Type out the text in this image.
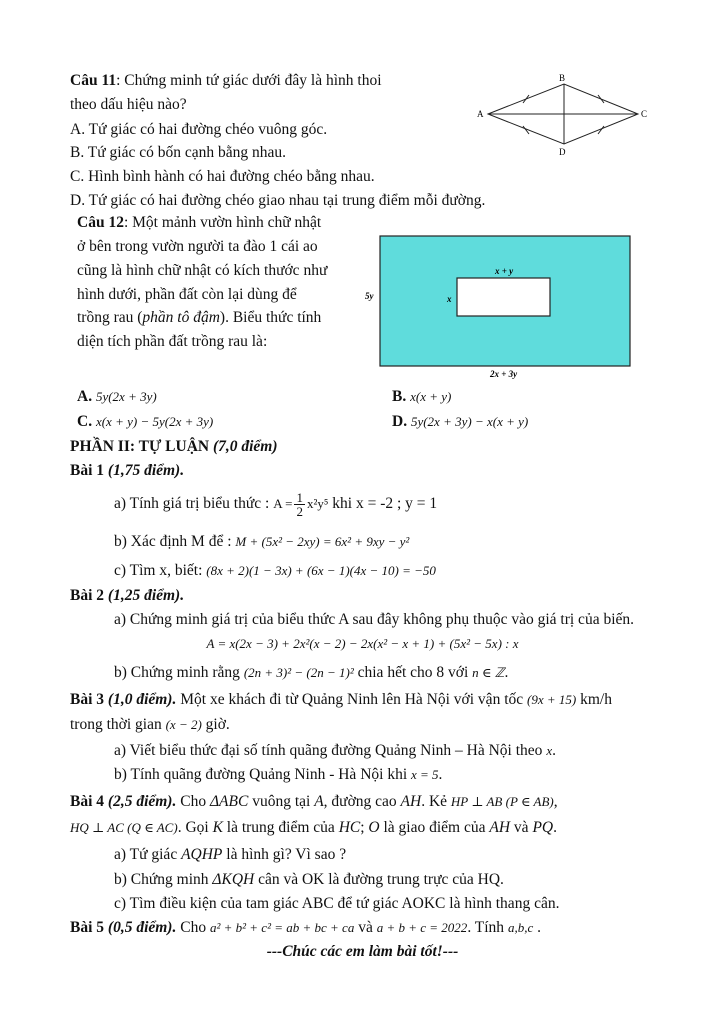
Câu 11: Chứng minh tứ giác dưới đây là hình thoi
theo dấu hiệu nào?
A. Tứ giác có hai đường chéo vuông góc.
B. Tứ giác có bốn cạnh bằng nhau.
C. Hình bình hành có hai đường chéo bằng nhau.
D. Tứ giác có hai đường chéo giao nhau tại trung điểm mỗi đường.
B
A	C
D
Câu 12: Một mảnh vườn hình chữ nhật
ở bên trong vườn người ta đào 1 cái ao
cũng là hình chữ nhật có kích thước như
hình dưới, phần đất còn lại dùng để
trồng rau (phần tô đậm). Biểu thức tính
diện tích phần đất trồng rau là:
x + y
x
5y
2x + 3y
A. 5y(2x + 3y)	B. x(x + y)
C. x(x + y) − 5y(2x + 3y)	D. 5y(2x + 3y) − x(x + y)
PHẦN II: TỰ LUẬN (7,0 điểm)
Bài 1 (1,75 điểm).
a) Tính giá trị biểu thức : $A = \frac{1}{2} x^2y^5$ khi x = -2 ; y = 1
b) Xác định M để : M + (5x² − 2xy) = 6x² + 9xy − y²
c) Tìm x, biết: (8x + 2)(1 − 3x) + (6x − 1)(4x − 10) = −50
Bài 2 (1,25 điểm).
a) Chứng minh giá trị của biểu thức A sau đây không phụ thuộc vào giá trị của biến.
A = x(2x − 3) + 2x²(x − 2) − 2x(x² − x + 1) + (5x² − 5x) : x
b) Chứng minh rằng (2n + 3)² − (2n − 1)² chia hết cho 8 với n ∈ ℤ.
Bài 3 (1,0 điểm). Một xe khách đi từ Quảng Ninh lên Hà Nội với vận tốc (9x + 15) km/h
trong thời gian (x − 2) giờ.
a) Viết biểu thức đại số tính quãng đường Quảng Ninh – Hà Nội theo x.
b) Tính quãng đường Quảng Ninh - Hà Nội khi x = 5.
Bài 4 (2,5 điểm). Cho ΔABC vuông tại A, đường cao AH. Kẻ HP ⊥ AB (P ∈ AB),
HQ ⊥ AC (Q ∈ AC). Gọi K là trung điểm của HC; O là giao điểm của AH và PQ.
a) Tứ giác AQHP là hình gì? Vì sao ?
b) Chứng minh ΔKQH cân và OK là đường trung trực của HQ.
c) Tìm điều kiện của tam giác ABC để tứ giác AOKC là hình thang cân.
Bài 5 (0,5 điểm). Cho a² + b² + c² = ab + bc + ca và a + b + c = 2022. Tính a,b,c .
---Chúc các em làm bài tốt!---
